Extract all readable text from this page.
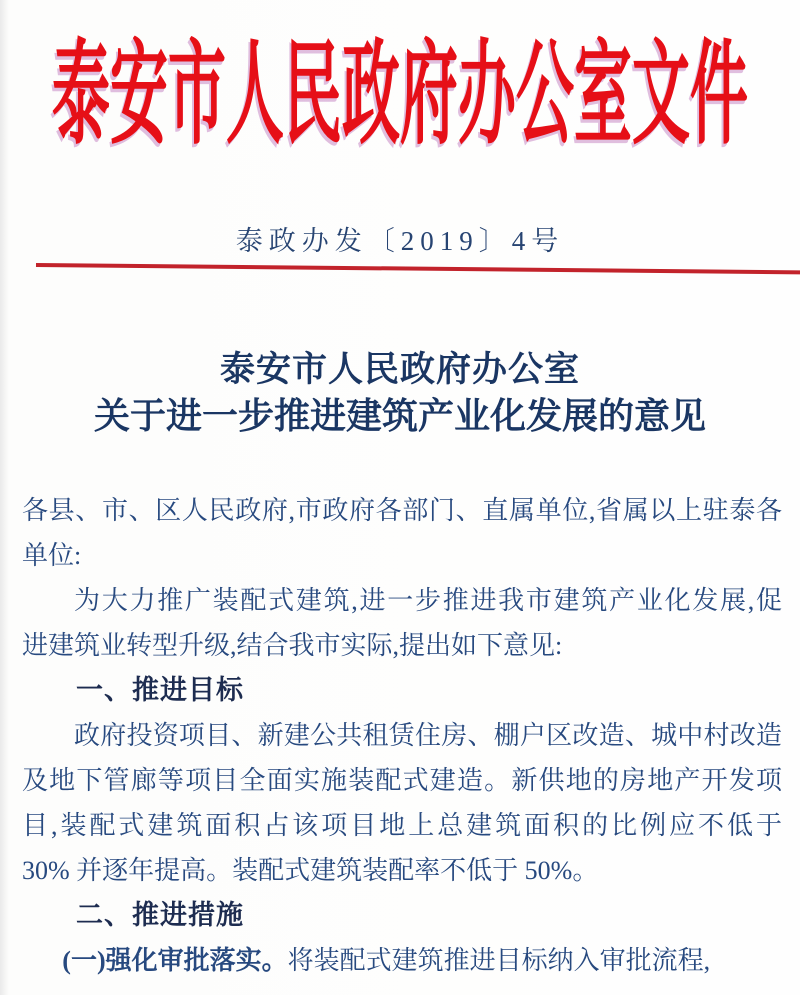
泰安市人民政府办公室文件
泰政办发〔2019〕4号
泰安市人民政府办公室
关于进一步推进建筑产业化发展的意见
各县、市、区人民政府,市政府各部门、直属单位,省属以上驻泰各
单位:
为大力推广装配式建筑,进一步推进我市建筑产业化发展,促
进建筑业转型升级,结合我市实际,提出如下意见:
一、推进目标
政府投资项目、新建公共租赁住房、棚户区改造、城中村改造
及地下管廊等项目全面实施装配式建造。新供地的房地产开发项
目,装配式建筑面积占该项目地上总建筑面积的比例应不低于
30% 并逐年提高。装配式建筑装配率不低于 50%。
二、推进措施
(一)强化审批落实。将装配式建筑推进目标纳入审批流程,
